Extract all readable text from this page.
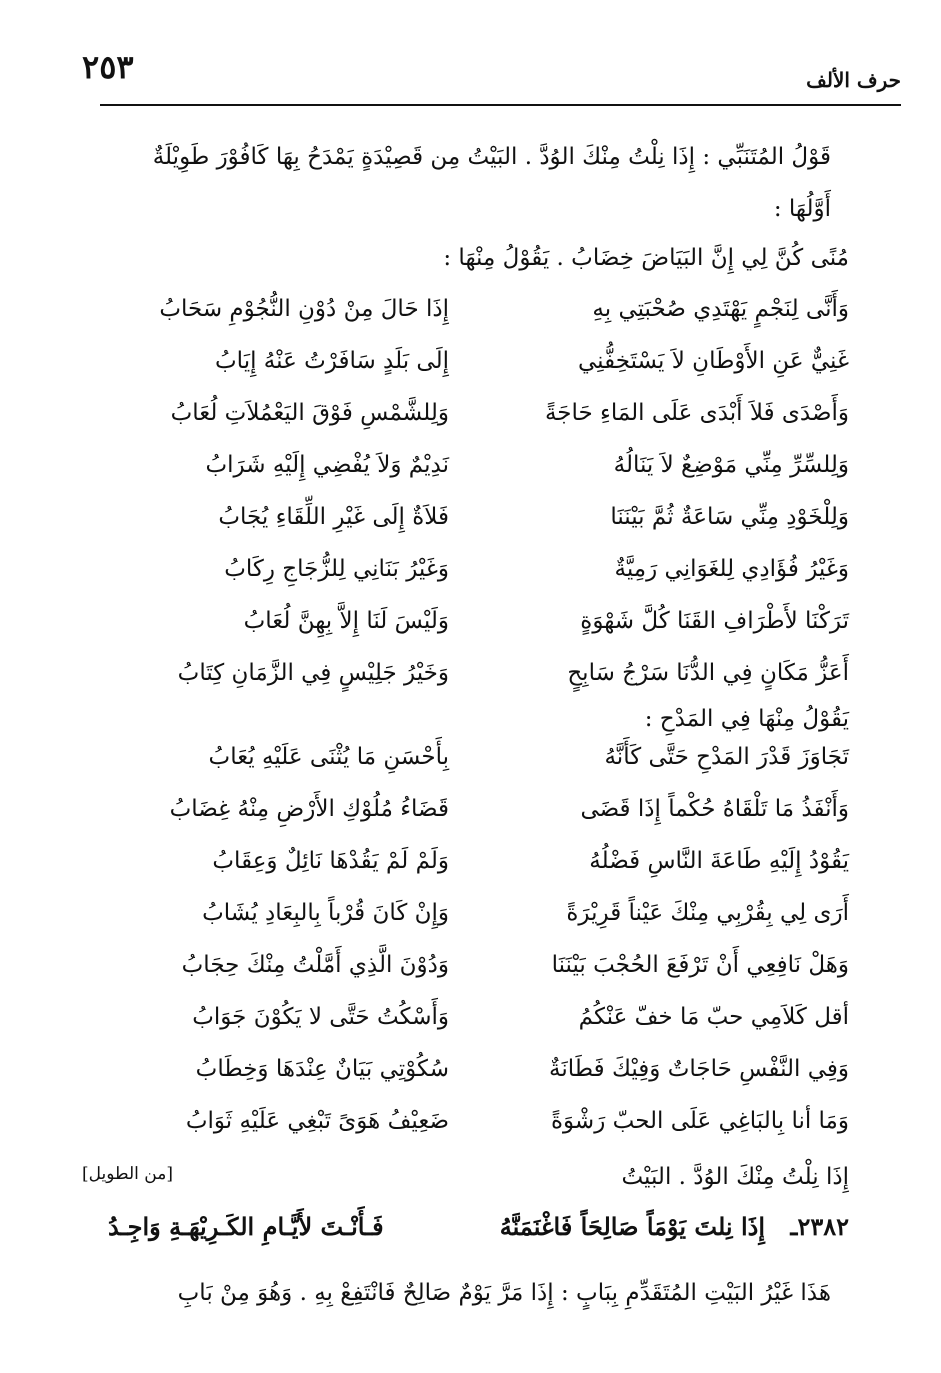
حرف الألف
٢٥٣
قَوْلُ المُتَنَبِّي : إِذَا نِلْتُ مِنْكَ الوُدَّ . البَيْتُ مِن قَصِيْدَةٍ يَمْدَحُ بِهَا كَافُوْرَ طَوِيْلَةٌ
أَوَّلُهَا :
مُنًى كُنَّ لِي إِنَّ البَيَاضَ خِضَابُ . يَقُوْلُ مِنْهَا :
وَأَنَّى لِنَجْمٍ يَهْتَدِي صُحْبَتِي بِهِ
إِذَا حَالَ مِنْ دُوْنِ النُّجُوْمِ سَحَابُ
غَنِيٌّ عَنِ الأَوْطَانِ لاَ يَسْتَخِفُّنِي
إِلَى بَلَدٍ سَافَرْتُ عَنْهُ إِيَابُ
وَأَصْدَى فَلاَ أَبْدَى عَلَى المَاءِ حَاجَةً
وَلِلشَّمْسِ فَوْقَ اليَعْمُلاَتِ لُعَابُ
وَلِلسِّرِّ مِنِّي مَوْضِعٌ لاَ يَنَالُهُ
نَدِيْمٌ وَلاَ يُفْضِي إِلَيْهِ شَرَابُ
وَلِلْخَوْدِ مِنِّي سَاعَةٌ ثُمَّ بَيْنَنَا
فَلاَةٌ إِلَى غَيْرِ اللِّقَاءِ يُجَابُ
وَغَيْرُ فُؤَادِي لِلغَوَانِي رَمِيَّةٌ
وَغَيْرُ بَنَانِي لِلزُّجَاجِ رِكَابُ
تَرَكْنَا لأَطْرَافِ القَنَا كُلَّ شَهْوَةٍ
وَلَيْسَ لَنَا إِلاَّ بِهِنَّ لُعَابُ
أَعَزُّ مَكَانٍ فِي الدُّنَا سَرْجُ سَابِحٍ
وَخَيْرُ جَلِيْسٍ فِي الزَّمَانِ كِتَابُ
يَقُوْلُ مِنْهَا فِي المَدْحِ :
تَجَاوَزَ قَدْرَ المَدْحِ حَتَّى كَأَنَّهُ
بِأَحْسَنِ مَا يُثْنَى عَلَيْهِ يُعَابُ
وَأَنْفَذُ مَا تَلْقَاهُ حُكْماً إِذَا قَضَى
قَضَاءُ مُلُوْكِ الأَرْضِ مِنْهُ غِضَابُ
يَقُوْدُ إِلَيْهِ طَاعَةَ النَّاسِ فَضْلُهُ
وَلَمْ لَمْ يَقُدْهَا نَائِلٌ وَعِقَابُ
أَرَى لِي بِقُرْبِي مِنْكَ عَيْناً قَرِيْرَةً
وَإِنْ كَانَ قُرْباً بِالبِعَادِ يُشَابُ
وَهَلْ نَافِعِي أَنْ تَرْفَعَ الحُجْبَ بَيْنَنَا
وَدُوْنَ الَّذِي أَمَّلْتُ مِنْكَ حِجَابُ
أقل كَلاَمِي حبّ مَا خفّ عَنْكُمُ
وَأَسْكُتُ حَتَّى لا يَكُوْنَ جَوَابُ
وَفِي النَّفْسِ حَاجَاتٌ وَفِيْكَ فَطَانَةٌ
سُكُوْتِي بَيَانٌ عِنْدَهَا وَخِطَابُ
وَمَا أنا بِالبَاغِي عَلَى الحبّ رَشْوَةً
ضَعِيْفُ هَوَىً تَبْغِي عَلَيْهِ ثَوَابُ
إِذَا نِلْتُ مِنْكَ الوُدَّ . البَيْتُ
[من الطويل]
٢٣٨٢ـ
إِذَا نِلتَ يَوْمَاً صَالِحَاً فَاغْنَمَنَّهُ
فَـأَنْـتَ لأَيَّـامِ الكَـرِيْهَـةِ وَاجِـدُ
هَذَا غَيْرُ البَيْتِ المُتَقَدِّمِ بِبَابٍ : إِذَا مَرَّ يَوْمٌ صَالِحٌ فَانْتَفِعْ بِهِ . وَهُوَ مِنْ بَابِ
